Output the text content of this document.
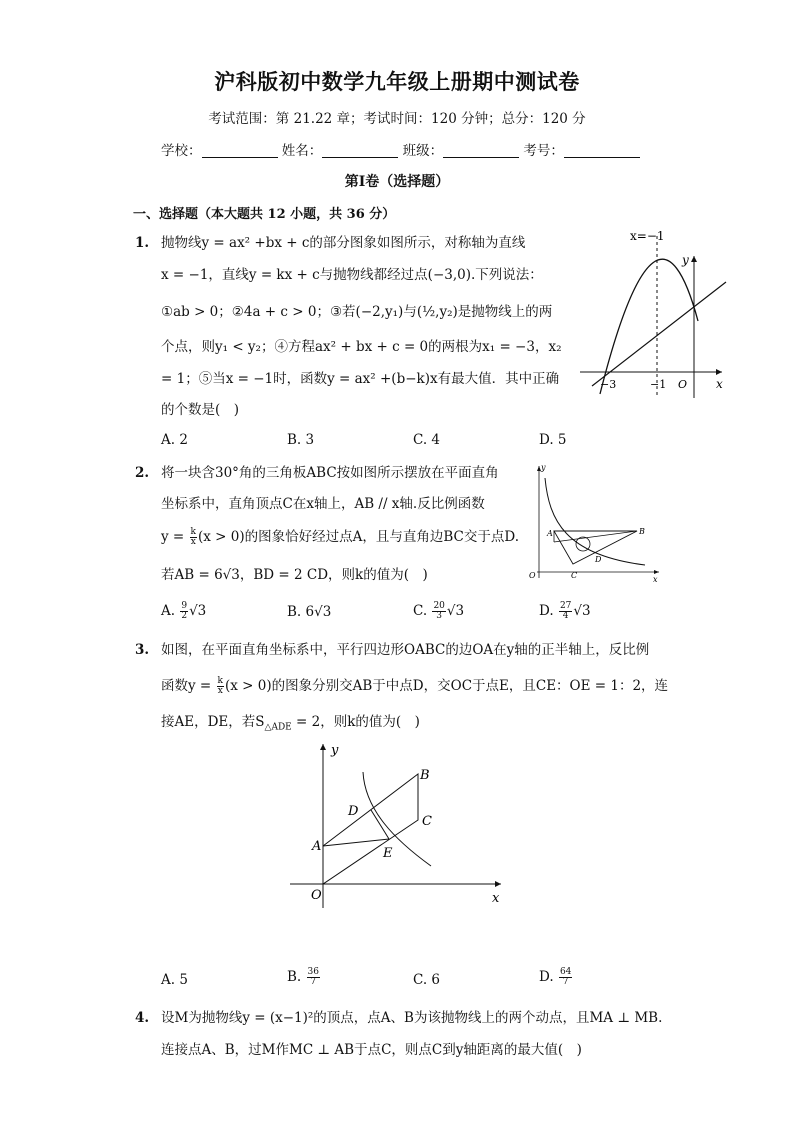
沪科版初中数学九年级上册期中测试卷
考试范围：第 21.22 章；考试时间：120 分钟；总分：120 分
学校：	姓名：	班级：	考号：
第Ⅰ卷（选择题）
一、选择题（本大题共 12 小题，共 36 分）
1. 抛物线y = ax² +bx + c的部分图象如图所示，对称轴为直线
x = −1，直线y = kx + c与抛物线都经过点(−3,0).下列说法：
①ab > 0；②4a + c > 0；③若(−2,y₁)与(½,y₂)是抛物线上的两
个点，则y₁ < y₂；④方程ax² + bx + c = 0的两根为x₁ = −3，x₂
= 1；⑤当x = −1时，函数y = ax² +(b−k)x有最大值．其中正确
的个数是(　)
A. 2	B. 3	C. 4	D. 5
x=−1
y
x
−3	−1 O
2. 将一块含30°角的三角板ABC按如图所示摆放在平面直角
坐标系中，直角顶点C在x轴上，AB // x轴.反比例函数
$y = \frac{k}{x} (x > 0)$的图象恰好经过点A，且与直角边BC交于点D.
若AB = 6√3，BD = 2 CD，则k的值为(　)
A. $\frac{9}{2} √3$	B. 6√3	C. $\frac{20}{3} √3$	D. $\frac{27}{4} √3$
y
x
O
A	B
C
D
3. 如图，在平面直角坐标系中，平行四边形OABC的边OA在y轴的正半轴上，反比例
函数$y = \frac{k}{x} (x > 0)$的图象分别交AB于中点D，交OC于点E，且CE：OE = 1：2，连
接AE，DE，若$S_{\triangle ADE} = 2$，则k的值为(　)
y
x
O
A
B
C
D
E
A. 5	B. $\frac{36}{7}$	C. 6	D. $\frac{64}{7}$
4. 设M为抛物线y = (x−1)²的顶点，点A、B为该抛物线上的两个动点，且MA ⊥ MB.
连接点A、B，过M作MC ⊥ AB于点C，则点C到y轴距离的最大值(　)
